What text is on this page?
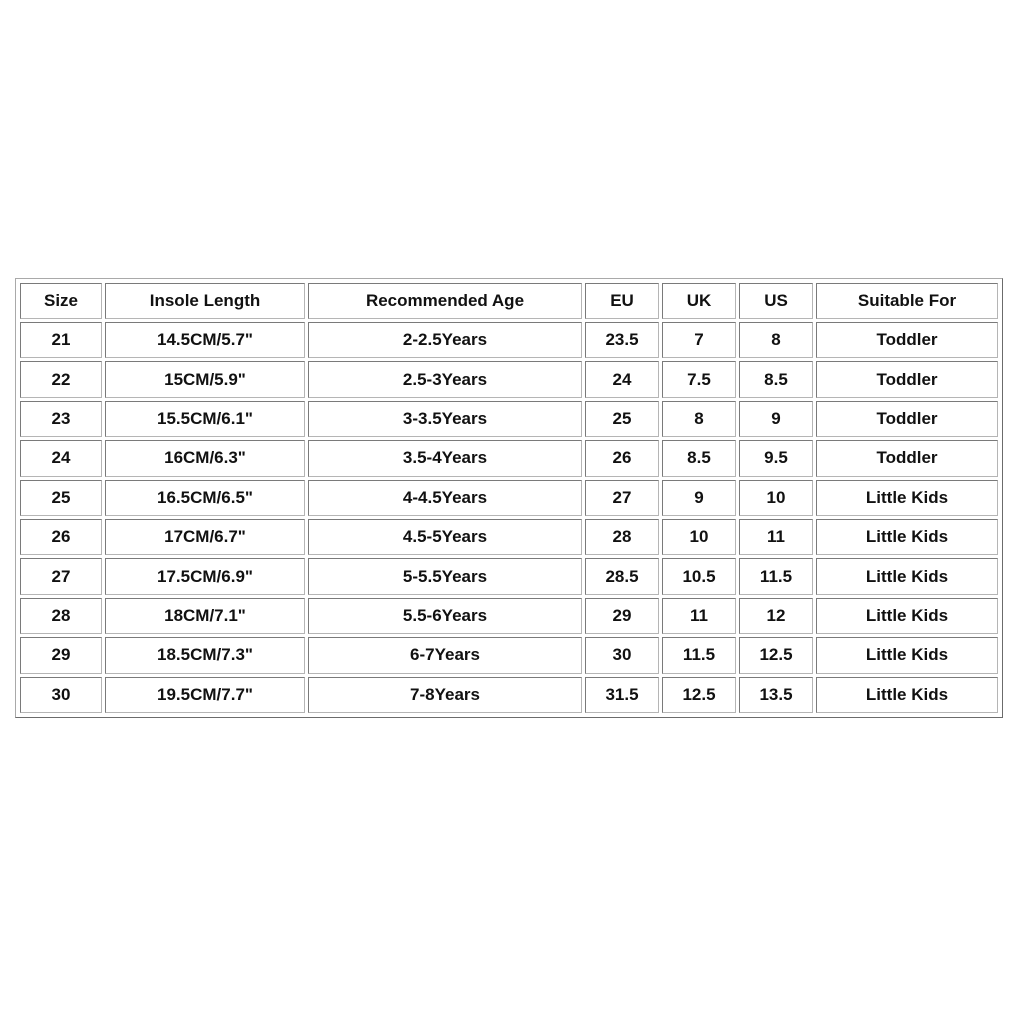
Size	Insole Length	Recommended Age	EU	UK	US	Suitable For
21	14.5CM/5.7"	2-2.5Years	23.5	7	8	Toddler
22	15CM/5.9"	2.5-3Years	24	7.5	8.5	Toddler
23	15.5CM/6.1"	3-3.5Years	25	8	9	Toddler
24	16CM/6.3"	3.5-4Years	26	8.5	9.5	Toddler
25	16.5CM/6.5"	4-4.5Years	27	9	10	Little Kids
26	17CM/6.7"	4.5-5Years	28	10	11	Little Kids
27	17.5CM/6.9"	5-5.5Years	28.5	10.5	11.5	Little Kids
28	18CM/7.1"	5.5-6Years	29	11	12	Little Kids
29	18.5CM/7.3"	6-7Years	30	11.5	12.5	Little Kids
30	19.5CM/7.7"	7-8Years	31.5	12.5	13.5	Little Kids
